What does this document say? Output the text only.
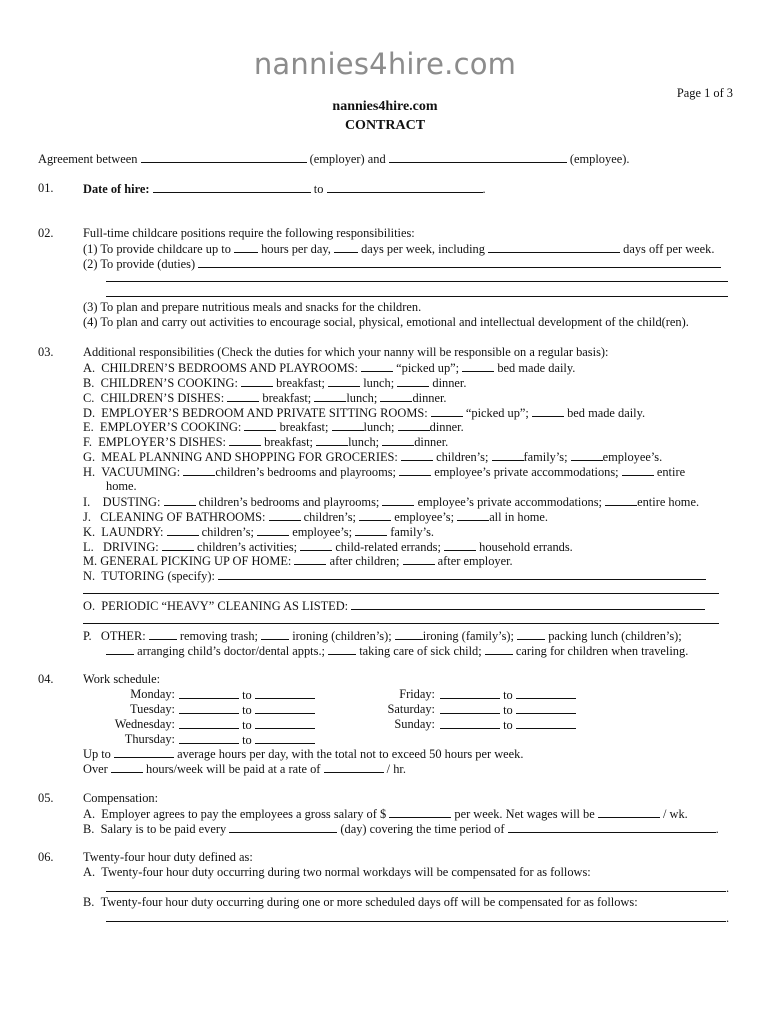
nannies4hire.com
Page 1 of 3
nannies4hire.com
CONTRACT
Agreement between	(employer) and	(employee).
01. Date of hire:	to	.
02. Full-time childcare positions require the following responsibilities:
(1) To provide childcare up to hours per day, days per week, including	days off per week.
(2) To provide (duties)
(3) To plan and prepare nutritious meals and snacks for the children.
(4) To plan and carry out activities to encourage social, physical, emotional and intellectual development of the child(ren).
03. Additional responsibilities (Check the duties for which your nanny will be responsible on a regular basis):
A. CHILDREN’S BEDROOMS AND PLAYROOMS:	“picked up”;	bed made daily.
B. CHILDREN’S COOKING:	breakfast;	lunch;	dinner.
C. CHILDREN’S DISHES:	breakfast;	lunch;	dinner.
D. EMPLOYER’S BEDROOM AND PRIVATE SITTING ROOMS:	“picked up”;	bed made daily.
E. EMPLOYER’S COOKING:	breakfast;	lunch;	dinner.
F. EMPLOYER’S DISHES:	breakfast;	lunch;	dinner.
G. MEAL PLANNING AND SHOPPING FOR GROCERIES:	children’s;	family’s;	employee’s.
H. VACUUMING:	children’s bedrooms and playrooms;	employee’s private accommodations;	entire
home.
I. DUSTING:	children’s bedrooms and playrooms;	employee’s private accommodations;	entire home.
J. CLEANING OF BATHROOMS:	children’s;	employee’s;	all in home.
K. LAUNDRY:	children’s;	employee’s;	family’s.
L. DRIVING:	children’s activities;	child-related errands;	household errands.
M. GENERAL PICKING UP OF HOME:	after children;	after employer.
N. TUTORING (specify):
O. PERIODIC “HEAVY” CLEANING AS LISTED:
P. OTHER:	removing trash;	ironing (children’s);	ironing (family’s);	packing lunch (children’s);
arranging child’s doctor/dental appts.;	taking care of sick child;	caring for children when traveling.
04. Work schedule:
Monday:	to	Friday:	to
Tuesday:	to	Saturday:	to
Wednesday:	to	Sunday:	to
Thursday:	to
Up to	average hours per day, with the total not to exceed 50 hours per week.
Over	hours/week will be paid at a rate of	/ hr.
05. Compensation:
A. Employer agrees to pay the employees a gross salary of $	per week. Net wages will be	/ wk.
B. Salary is to be paid every	(day) covering the time period of	.
06. Twenty-four hour duty defined as:
A. Twenty-four hour duty occurring during two normal workdays will be compensated for as follows:
.
B. Twenty-four hour duty occurring during one or more scheduled days off will be compensated for as follows:
.
